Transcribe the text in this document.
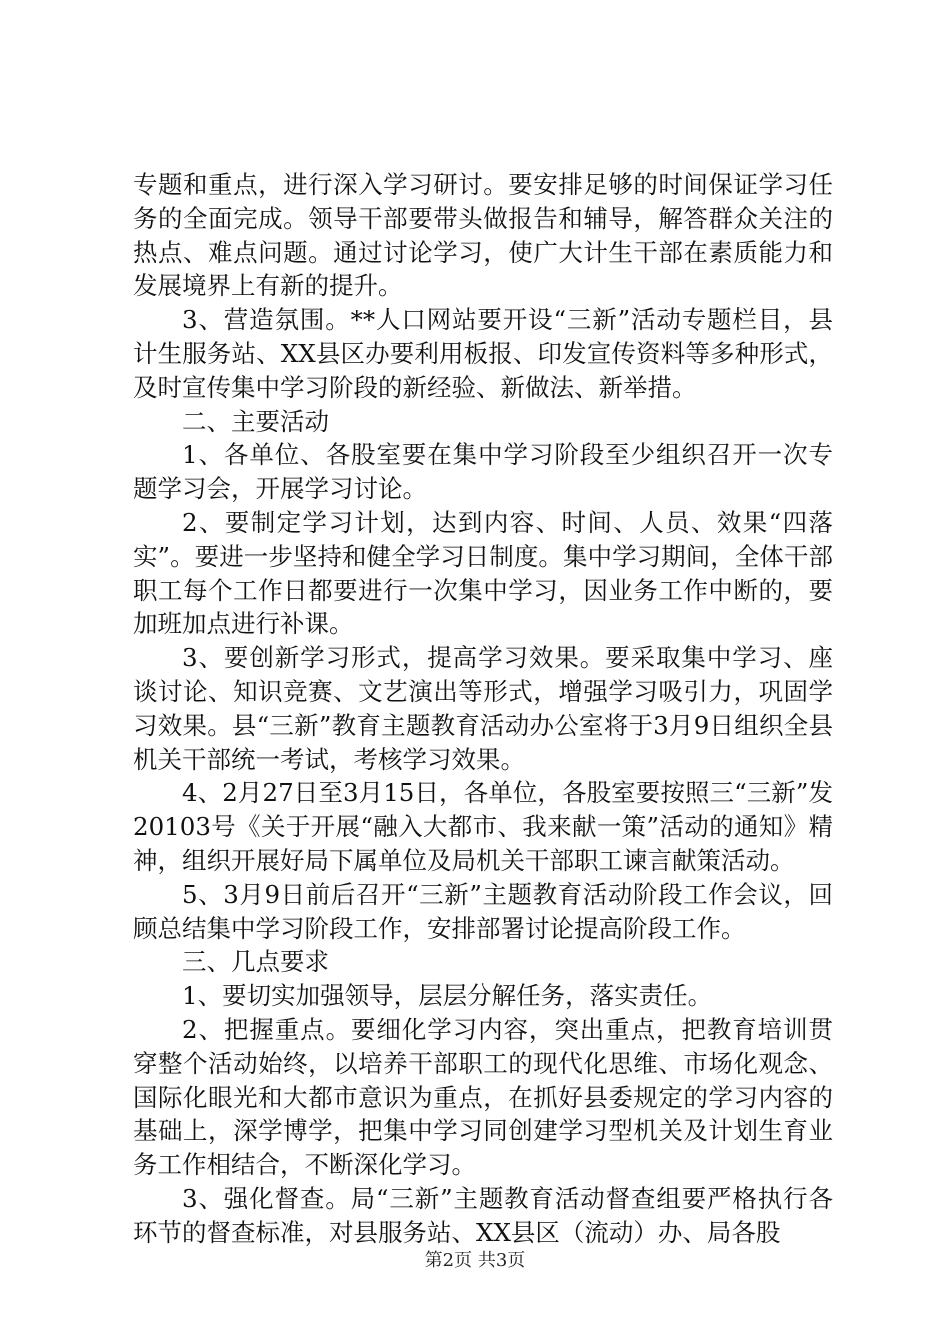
专题和重点，进行深入学习研讨。要安排足够的时间保证学习任务的全面完成。领导干部要带头做报告和辅导，解答群众关注的热点、难点问题。通过讨论学习，使广大计生干部在素质能力和发展境界上有新的提升。

3、营造氛围。**人口网站要开设“三新”活动专题栏目，县计生服务站、XX县区办要利用板报、印发宣传资料等多种形式，及时宣传集中学习阶段的新经验、新做法、新举措。

二、主要活动

1、各单位、各股室要在集中学习阶段至少组织召开一次专题学习会，开展学习讨论。

2、要制定学习计划，达到内容、时间、人员、效果“四落实”。要进一步坚持和健全学习日制度。集中学习期间，全体干部职工每个工作日都要进行一次集中学习，因业务工作中断的，要加班加点进行补课。

3、要创新学习形式，提高学习效果。要采取集中学习、座谈讨论、知识竞赛、文艺演出等形式，增强学习吸引力，巩固学习效果。县“三新”教育主题教育活动办公室将于3月9日组织全县机关干部统一考试，考核学习效果。

4、2月27日至3月15日，各单位，各股室要按照三“三新”发20103号《关于开展“融入大都市、我来献一策”活动的通知》精神，组织开展好局下属单位及局机关干部职工谏言献策活动。

5、3月9日前后召开“三新”主题教育活动阶段工作会议，回顾总结集中学习阶段工作，安排部署讨论提高阶段工作。

三、几点要求

1、要切实加强领导，层层分解任务，落实责任。

2、把握重点。要细化学习内容，突出重点，把教育培训贯穿整个活动始终，以培养干部职工的现代化思维、市场化观念、国际化眼光和大都市意识为重点，在抓好县委规定的学习内容的基础上，深学博学，把集中学习同创建学习型机关及计划生育业务工作相结合，不断深化学习。

3、强化督查。局“三新”主题教育活动督查组要严格执行各环节的督查标准，对县服务站、XX县区（流动）办、局各股

第2页 共3页
